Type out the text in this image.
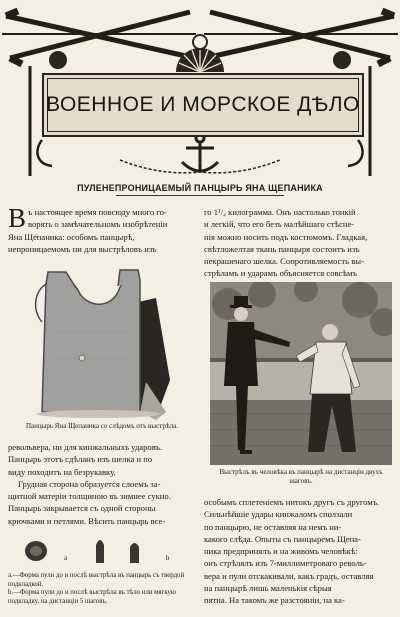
ВОЕННОЕ И МОРСКОЕ ДѢЛО
ПУЛЕНЕПРОНИЦАЕМЫЙ ПАНЦЫРЬ ЯНА ЩЕПАНИКА
В ъ настоящее время повсюду много го-

ворять о замѣчательномъ изобрѣтеніи

Яна Щепаника: особомъ панцырѣ,

непроницаемомъ ни для выстрѣловъ изъ

Панцырь Яна Щепаника со слѣдомъ отъ выстрѣла.

револьвера, ни для кинжальныхъ ударовъ.

Панцырь этотъ сдѣланъ изъ шелка и по

виду походитъ на безрукавку.

Грудная сторона образуется слоемъ за-

щитной матеріи толщиною въ зимнее сукно.

Панцырь закрывается съ одной стороны

крючками и петлями. Вѣсить панцырь все-

a	b
a.—Форма пули до и послѣ выстрѣла въ панцырь съ твердой подкладкой.
b.—Форма пули до и послѣ выстрѣла въ тѣло или мягкую подкладку, на дистанціи 5 шаговъ.

го 1¹/₄ килограмма. Онъ настолько тонкій

и легкій, что его безъ малѣйшаго стѣсне-

нія можно носить подъ костюмомъ. Гладкая,

свѣтложелтая ткань панцыря состоитъ изъ

некрашенаго шелка. Сопротивляемость вы-

стрѣламъ и ударамъ объясняется совсѣмъ

Выстрѣлъ въ человѣка въ панцырѣ на дистанціи двухъ шаговъ.

особымъ сплетеніемъ нитокъ другъ съ другомъ.

Сильнѣйшіе удары кинжаломъ сползали

по панцырю, не оставляя на немъ ни-

какого слѣда. Опыты съ панцыремъ Щепа-

ника предпринялъ и на живомъ человѣкѣ:

онъ стрѣлялъ изъ 7-миллиметроваго револь-

вера и пули отскакивали, какъ градъ, оставляя

на панцырѣ лишь маленькія сѣрыя

пятна. На такомъ же разстояніи, на ка-
